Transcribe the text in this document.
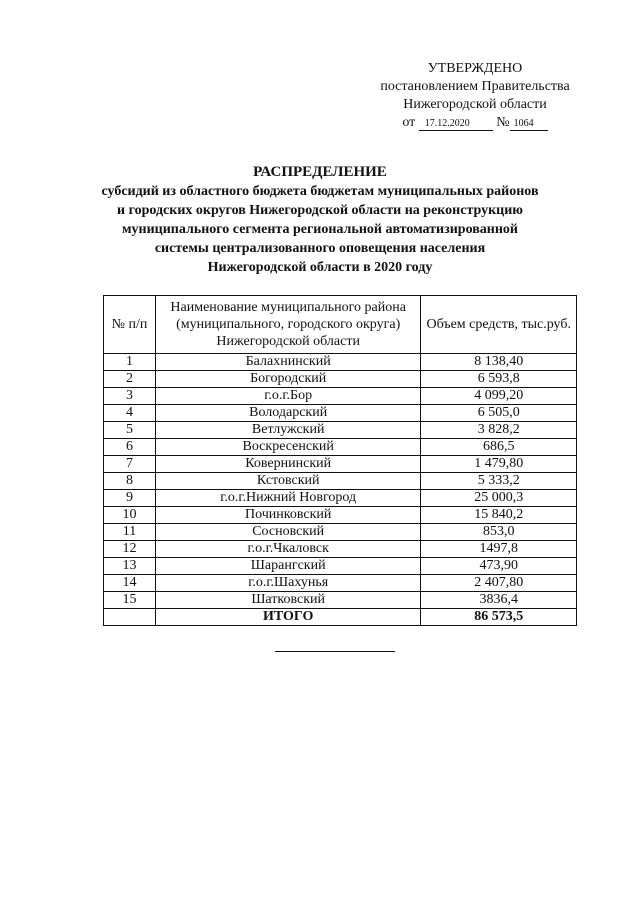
УТВЕРЖДЕНО
постановлением Правительства
Нижегородской области
от 17.12.2020 № 1064
РАСПРЕДЕЛЕНИЕ
субсидий из областного бюджета бюджетам муниципальных районов
и городских округов Нижегородской области на реконструкцию
муниципального сегмента региональной автоматизированной
системы централизованного оповещения населения
Нижегородской области в 2020 году
№ п/п	Наименование муниципального района (муниципального, городского округа) Нижегородской области	Объем средств, тыс.руб.
1	Балахнинский	8 138,40
2	Богородский	6 593,8
3	г.о.г.Бор	4 099,20
4	Володарский	6 505,0
5	Ветлужский	3 828,2
6	Воскресенский	686,5
7	Ковернинский	1 479,80
8	Кстовский	5 333,2
9	г.о.г.Нижний Новгород	25 000,3
10	Починковский	15 840,2
11	Сосновский	853,0
12	г.о.г.Чкаловск	1497,8
13	Шарангский	473,90
14	г.о.г.Шахунья	2 407,80
15	Шатковский	3836,4
	ИТОГО	86 573,5
